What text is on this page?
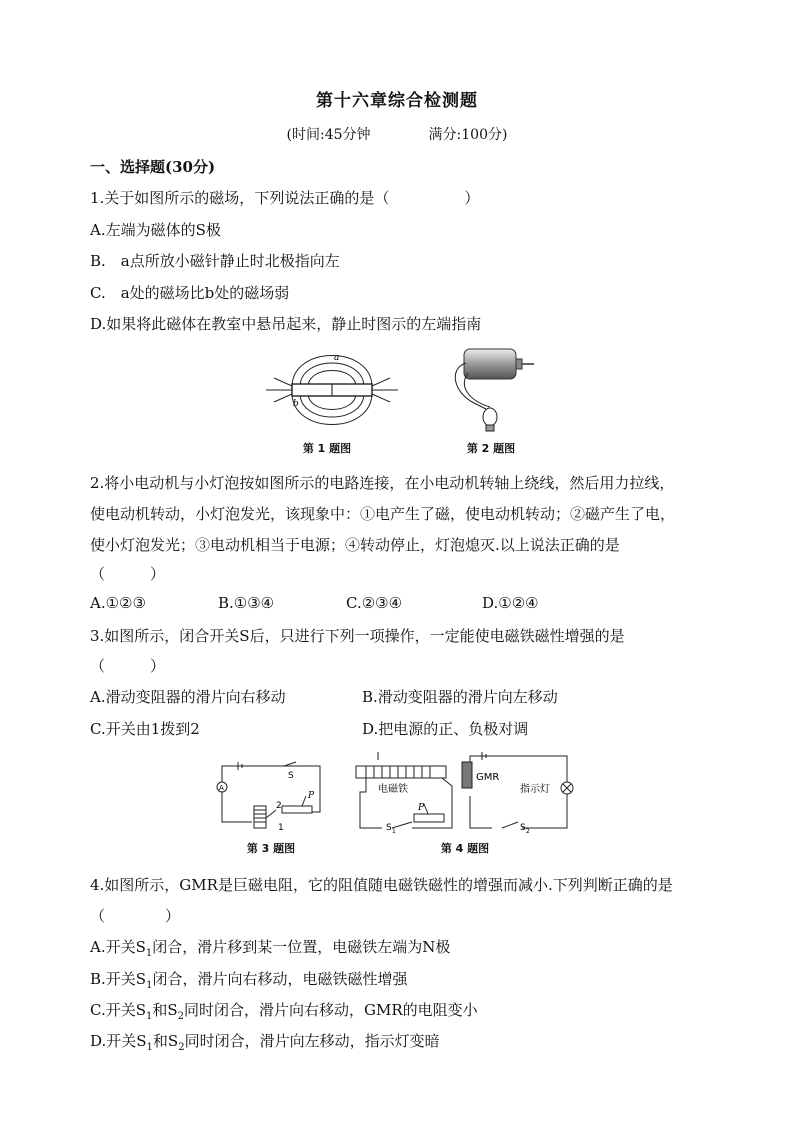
第十六章综合检测题
(时间:45分钟	满分:100分)
一、选择题(30分)
1.关于如图所示的磁场，下列说法正确的是（　　　　　）
A.左端为磁体的S极
B.　a点所放小磁针静止时北极指向左
C.　a处的磁场比b处的磁场弱
D.如果将此磁体在教室中悬吊起来，静止时图示的左端指南
a
b
第 1 题图	第 2 题图
2.将小电动机与小灯泡按如图所示的电路连接，在小电动机转轴上绕线，然后用力拉线，
使电动机转动，小灯泡发光，该现象中：①电产生了磁，使电动机转动；②磁产生了电，
使小灯泡发光；③电动机相当于电源；④转动停止，灯泡熄灭.以上说法正确的是
（　　　）
A.①②③	B.①③④	C.②③④	D.①②④
3.如图所示，闭合开关S后，只进行下列一项操作，一定能使电磁铁磁性增强的是
（　　　）
A.滑动变阻器的滑片向右移动	B.滑动变阻器的滑片向左移动
C.开关由1拨到2	D.把电源的正、负极对调
A
S
P
2
1
第 3 题图
电磁铁
GMR
指示灯
P
S 1	S 2
第 4 题图
4.如图所示，GMR是巨磁电阻，它的阻值随电磁铁磁性的增强而减小.下列判断正确的是
（　　　　）
A.开关$S_1$闭合，滑片移到某一位置，电磁铁左端为N极
B.开关$S_1$闭合，滑片向右移动，电磁铁磁性增强
C.开关$S_1$和$S_2$同时闭合，滑片向右移动，GMR的电阻变小
D.开关$S_1$和$S_2$同时闭合，滑片向左移动，指示灯变暗
